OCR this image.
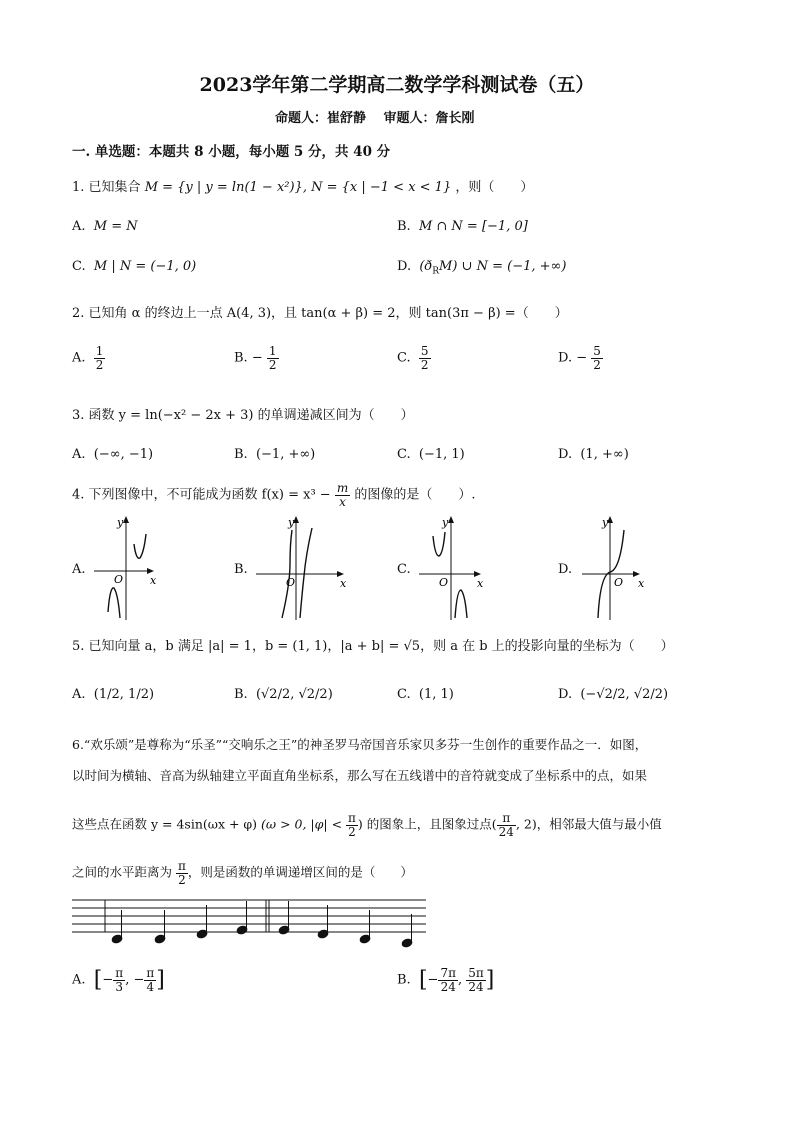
2023学年第二学期高二数学学科测试卷（五）
命题人：崔舒静　 审题人：詹长刚
一. 单选题：本题共 8 小题，每小题 5 分，共 40 分
1. 已知集合 M = {y | y = ln(1 − x²)}, N = {x | −1 < x < 1} ，则（　　）
A. M = N	B. M ∩ N = [−1, 0]
C. M | N = (−1, 0)	D. $(ð_RM)$ ∪ N = (−1, +∞)
2. 已知角 α 的终边上一点 A(4, 3)，且 tan(α + β) = 2，则 tan(3π − β) =（　　）
A. $\frac{1}{2}$	B. − $\frac{1}{2}$	C. $\frac{5}{2}$	D. − $\frac{5}{2}$
3. 函数 y = ln(−x² − 2x + 3) 的单调递减区间为（　　）
A. (−∞, −1)	B. (−1, +∞)	C. (−1, 1)	D. (1, +∞)
4. 下列图像中，不可能成为函数 $f(x) = x^3 - \frac{m}{x}$ 的图像的是（　　）.
A.	B.	C.	D.
y
x
O
y
x
O
y
x
O
y
x
O
5. 已知向量 a，b 满足 |a| = 1，b = (1, 1)，|a + b| = √5，则 a 在 b 上的投影向量的坐标为（　　）
A. (1/2, 1/2)	B. (√2/2, √2/2)	C. (1, 1)	D. (−√2/2, √2/2)
6.“欢乐颂”是尊称为“乐圣”“交响乐之王”的神圣罗马帝国音乐家贝多芬一生创作的重要作品之一．如图，
以时间为横轴、音高为纵轴建立平面直角坐标系，那么写在五线谱中的音符就变成了坐标系中的点，如果
这些点在函数 y = 4sin(ωx + φ) (ω > 0, $|\varphi| < \frac{\pi}{2}$ ) 的图象上，且图象过点( $\frac{\pi}{24}$ , 2)，相邻最大值与最小值
之间的水平距离为 $\frac{\pi}{2}$ ，则是函数的单调递增区间的是（　　）
A. [− $\frac{\pi}{3}$ , − $\frac{\pi}{4}$ ]	B. [− $\frac{7\pi}{24}$ , $\frac{5\pi}{24}$ ]
